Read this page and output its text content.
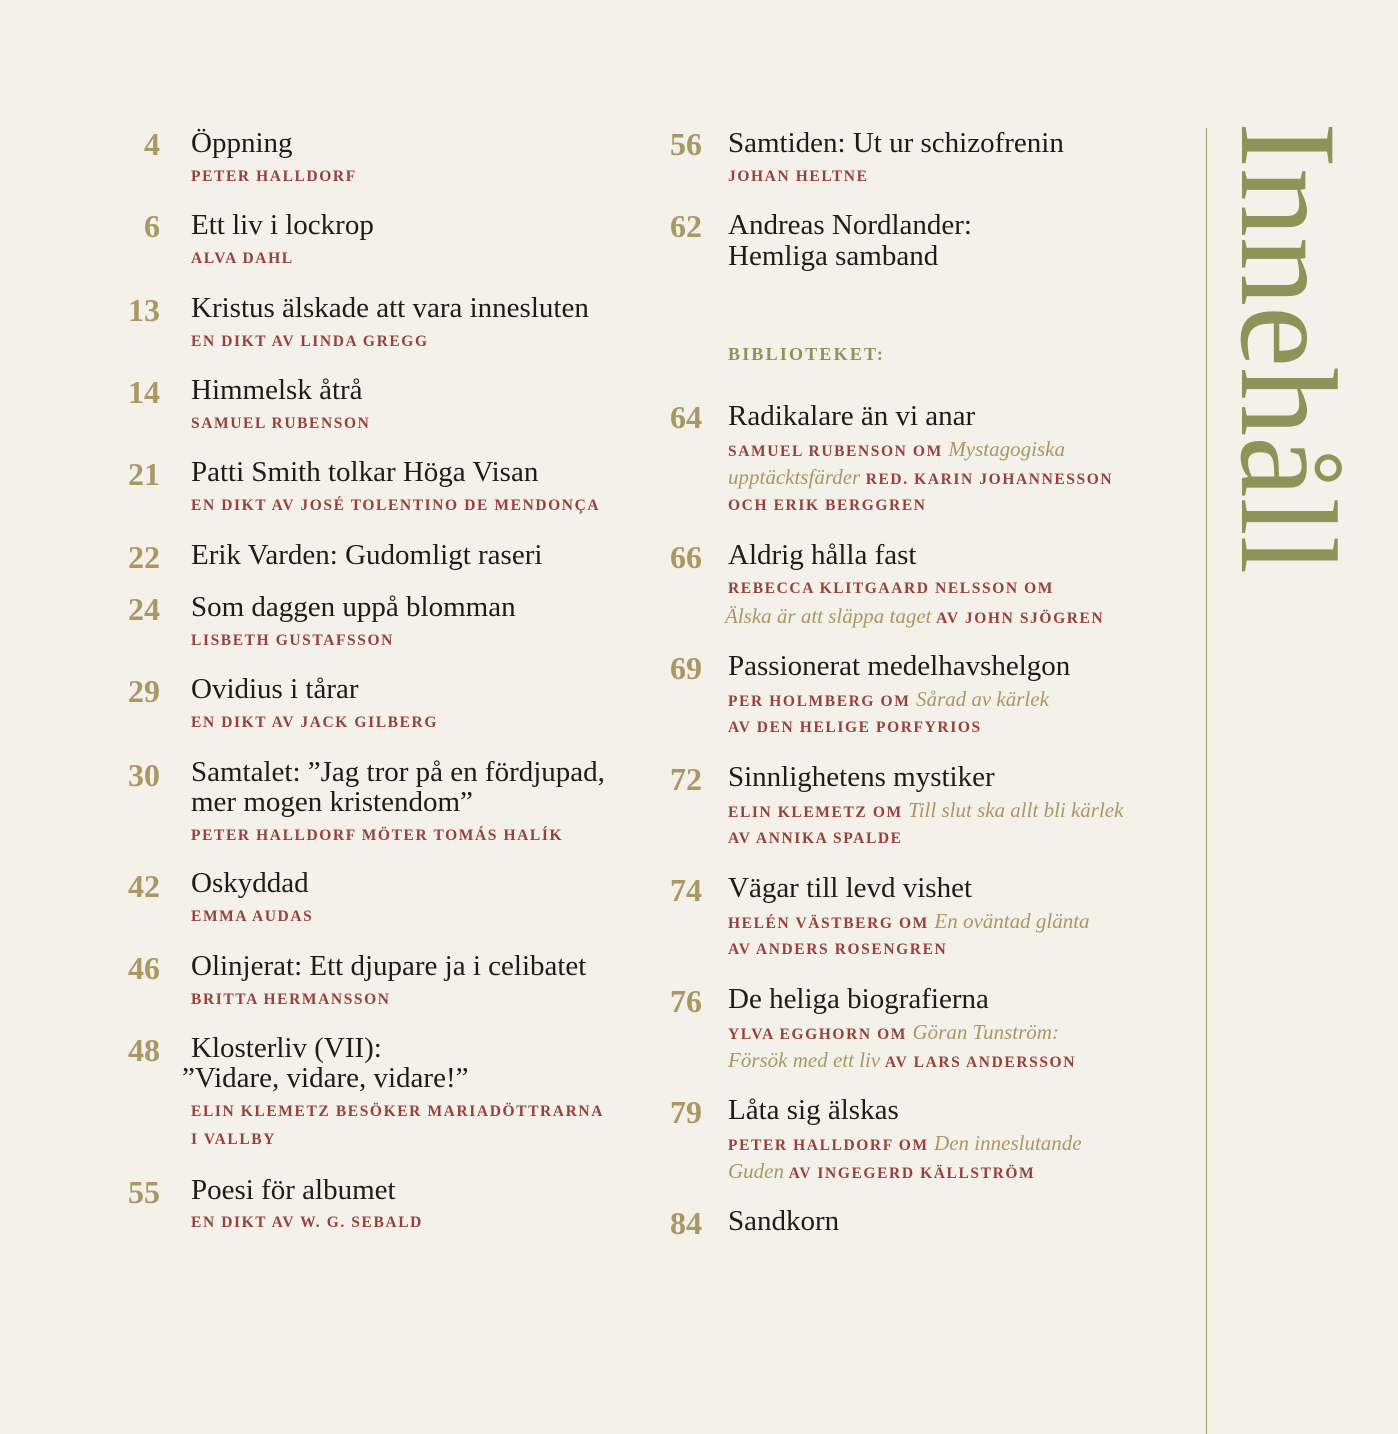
4 Öppning
PETER HALLDORF
6 Ett liv i lockrop
ALVA DAHL
13 Kristus älskade att vara innesluten
EN DIKT AV LINDA GREGG
14 Himmelsk åtrå
SAMUEL RUBENSON
21 Patti Smith tolkar Höga Visan
EN DIKT AV JOSÉ TOLENTINO DE MENDONÇA
22 Erik Varden: Gudomligt raseri
24 Som daggen uppå blomman
LISBETH GUSTAFSSON
29 Ovidius i tårar
EN DIKT AV JACK GILBERG
30 Samtalet: ”Jag tror på en fördjupad,
mer mogen kristendom”
PETER HALLDORF MÖTER TOMÁS HALÍK
42 Oskyddad
EMMA AUDAS
46 Olinjerat: Ett djupare ja i celibatet
BRITTA HERMANSSON
48 Klosterliv (VII):
”Vidare, vidare, vidare!”
ELIN KLEMETZ BESÖKER MARIADÖTTRARNA
I VALLBY
55 Poesi för albumet
EN DIKT AV W. G. SEBALD
56 Samtiden: Ut ur schizofrenin
JOHAN HELTNE
62 Andreas Nordlander:
Hemliga samband
BIBLIOTEKET:
64 Radikalare än vi anar
SAMUEL RUBENSON OM Mystagogiska
upptäcktsfärder RED. KARIN JOHANNESSON
OCH ERIK BERGGREN
66 Aldrig hålla fast
REBECCA KLITGAARD NELSSON OM
Älska är att släppa taget AV JOHN SJÖGREN
69 Passionerat medelhavshelgon
PER HOLMBERG OM Sårad av kärlek
AV DEN HELIGE PORFYRIOS
72 Sinnlighetens mystiker
ELIN KLEMETZ OM Till slut ska allt bli kärlek
AV ANNIKA SPALDE
74 Vägar till levd vishet
HELÉN VÄSTBERG OM En oväntad glänta
AV ANDERS ROSENGREN
76 De heliga biografierna
YLVA EGGHORN OM Göran Tunström:
Försök med ett liv AV LARS ANDERSSON
79 Låta sig älskas
PETER HALLDORF OM Den inneslutande
Guden AV INGEGERD KÄLLSTRÖM
84 Sandkorn
Innehåll
